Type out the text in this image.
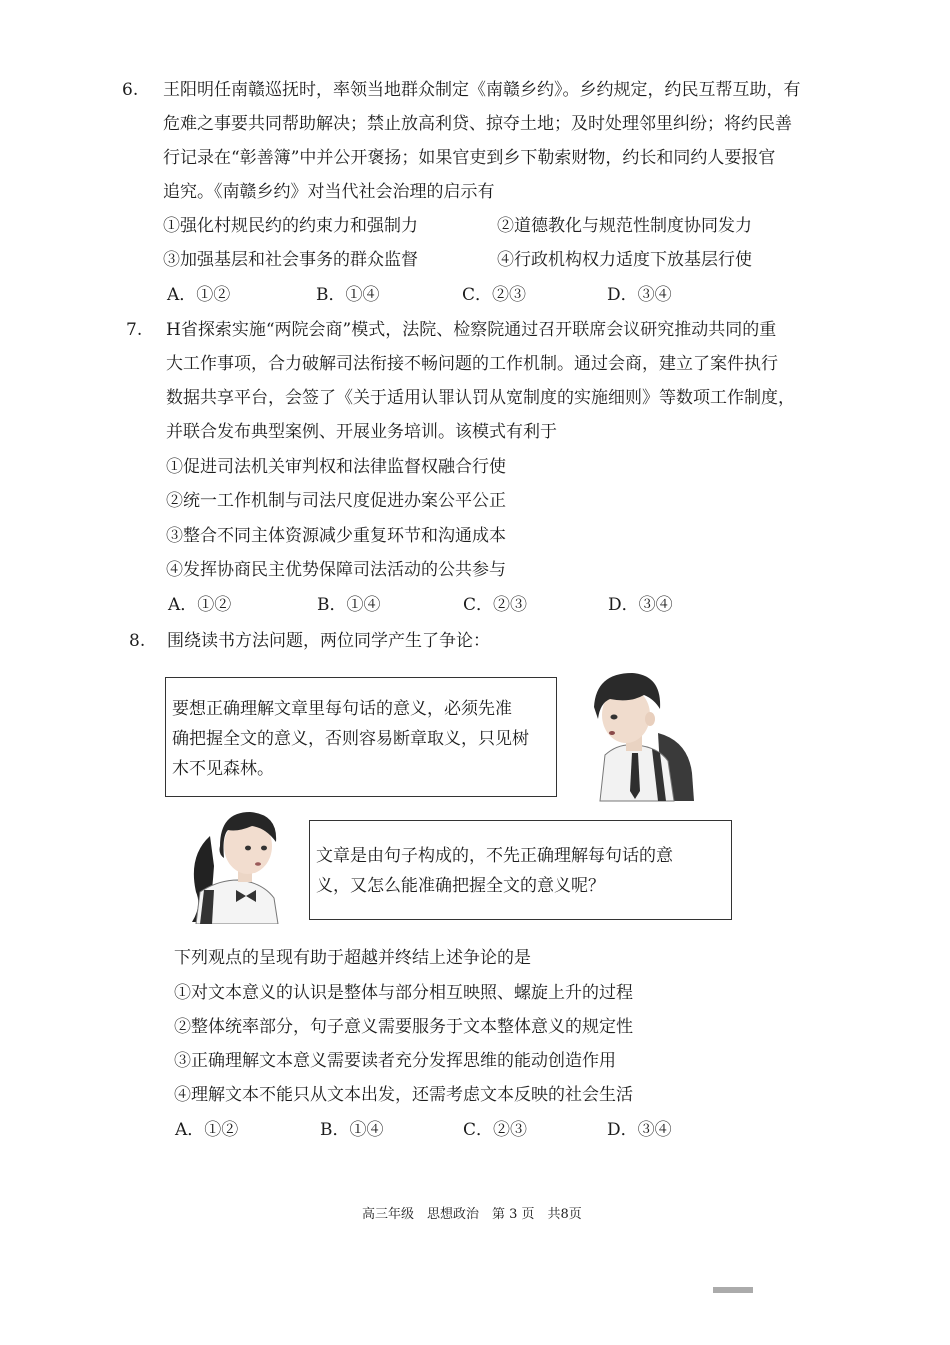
6. 王阳明任南赣巡抚时，率领当地群众制定《南赣乡约》。乡约规定，约民互帮互助，有
危难之事要共同帮助解决；禁止放高利贷、掠夺土地；及时处理邻里纠纷；将约民善
行记录在“彰善簿”中并公开褒扬；如果官吏到乡下勒索财物，约长和同约人要报官
追究。《南赣乡约》对当代社会治理的启示有
①强化村规民约的约束力和强制力	②道德教化与规范性制度协同发力
③加强基层和社会事务的群众监督	④行政机构权力适度下放基层行使
A．①②	B．①④	C．②③	D．③④
7. H省探索实施“两院会商”模式，法院、检察院通过召开联席会议研究推动共同的重
大工作事项，合力破解司法衔接不畅问题的工作机制。通过会商，建立了案件执行
数据共享平台，会签了《关于适用认罪认罚从宽制度的实施细则》等数项工作制度，
并联合发布典型案例、开展业务培训。该模式有利于
①促进司法机关审判权和法律监督权融合行使
②统一工作机制与司法尺度促进办案公平公正
③整合不同主体资源减少重复环节和沟通成本
④发挥协商民主优势保障司法活动的公共参与
A．①②	B．①④	C．②③	D．③④
8. 围绕读书方法问题，两位同学产生了争论：
要想正确理解文章里每句话的意义，必须先准
确把握全文的意义，否则容易断章取义，只见树
木不见森林。
文章是由句子构成的，不先正确理解每句话的意
义，又怎么能准确把握全文的意义呢？
下列观点的呈现有助于超越并终结上述争论的是
①对文本意义的认识是整体与部分相互映照、螺旋上升的过程
②整体统率部分，句子意义需要服务于文本整体意义的规定性
③正确理解文本意义需要读者充分发挥思维的能动创造作用
④理解文本不能只从文本出发，还需考虑文本反映的社会生活
A．①②	B．①④	C．②③	D．③④
高三年级　思想政治　第 3 页　共8页
